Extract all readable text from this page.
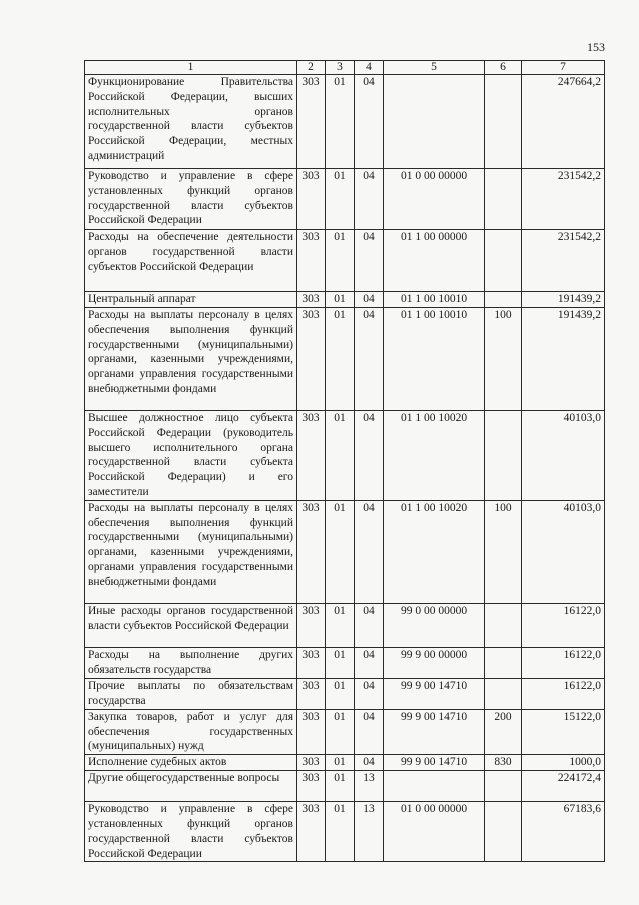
153
1	2	3	4	5	6	7
Функционирование Правительства Российской Федерации, высших исполнительных органов государственной власти субъектов Российской Федерации, местных администраций	303	01	04			247664,2
Руководство и управление в сфере установленных функций органов государственной власти субъектов Российской Федерации	303	01	04	01 0 00 00000		231542,2
Расходы на обеспечение деятельности органов государственной власти субъектов Российской Федерации	303	01	04	01 1 00 00000		231542,2
Центральный аппарат	303	01	04	01 1 00 10010		191439,2
Расходы на выплаты персоналу в целях обеспечения выполнения функций государственными (муниципальными) органами, казенными учреждениями, органами управления государственными внебюджетными фондами	303	01	04	01 1 00 10010	100	191439,2
Высшее должностное лицо субъекта Российской Федерации (руководитель высшего исполнительного органа государственной власти субъекта Российской Федерации) и его заместители	303	01	04	01 1 00 10020		40103,0
Расходы на выплаты персоналу в целях обеспечения выполнения функций государственными (муниципальными) органами, казенными учреждениями, органами управления государственными внебюджетными фондами	303	01	04	01 1 00 10020	100	40103,0
Иные расходы органов государственной власти субъектов Российской Федерации	303	01	04	99 0 00 00000		16122,0
Расходы на выполнение других обязательств государства	303	01	04	99 9 00 00000		16122,0
Прочие выплаты по обязательствам государства	303	01	04	99 9 00 14710		16122,0
Закупка товаров, работ и услуг для обеспечения государственных (муниципальных) нужд	303	01	04	99 9 00 14710	200	15122,0
Исполнение судебных актов	303	01	04	99 9 00 14710	830	1000,0
Другие общегосударственные вопросы	303	01	13			224172,4
Руководство и управление в сфере установленных функций органов государственной власти субъектов Российской Федерации	303	01	13	01 0 00 00000		67183,6
